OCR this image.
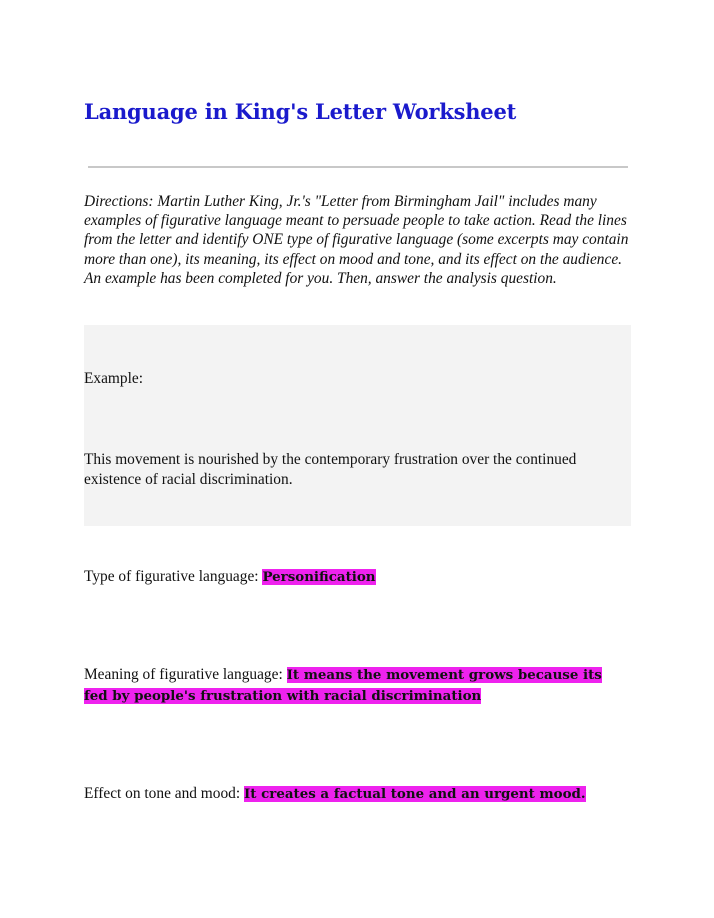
Language in King's Letter Worksheet

Directions: Martin Luther King, Jr.'s "Letter from Birmingham Jail" includes many examples of figurative language meant to persuade people to take action. Read the lines from the letter and identify ONE type of figurative language (some excerpts may contain more than one), its meaning, its effect on mood and tone, and its effect on the audience. An example has been completed for you. Then, answer the analysis question.

Example:

This movement is nourished by the contemporary frustration over the continued existence of racial discrimination.

Type of figurative language: Personification

Meaning of figurative language: It means the movement grows because its fed by people's frustration with racial discrimination

Effect on tone and mood: It creates a factual tone and an urgent mood.
